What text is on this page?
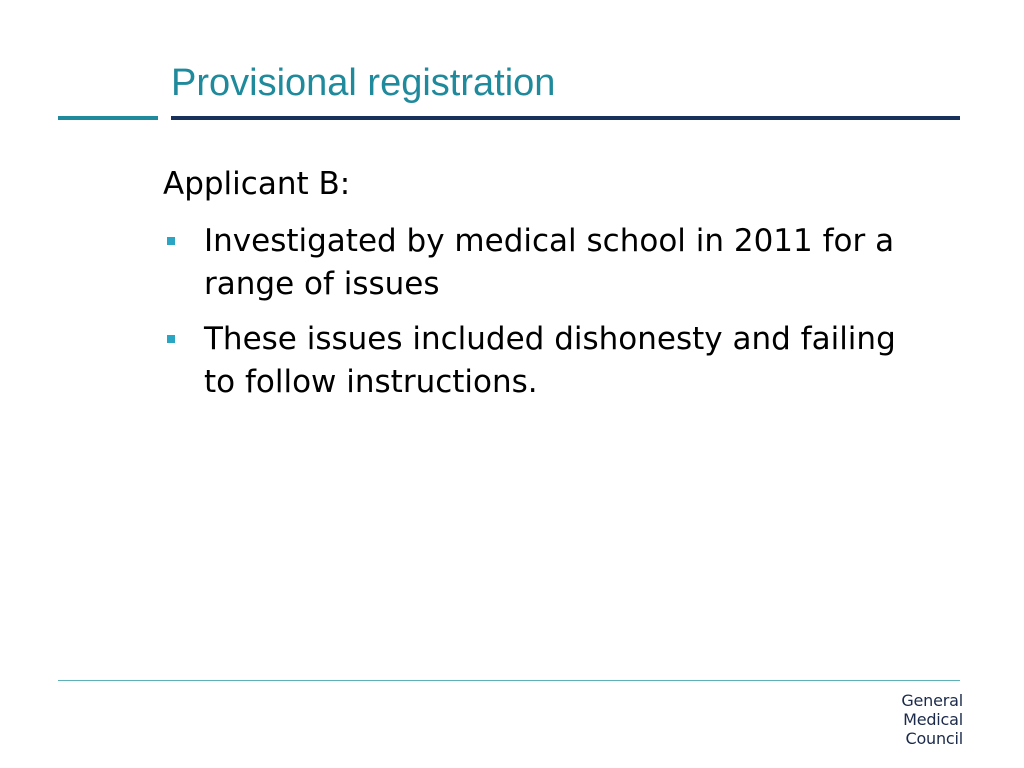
Provisional registration

Applicant B:

Investigated by medical school in 2011 for a range of issues
These issues included dishonesty and failing to follow instructions.
General
Medical
Council
